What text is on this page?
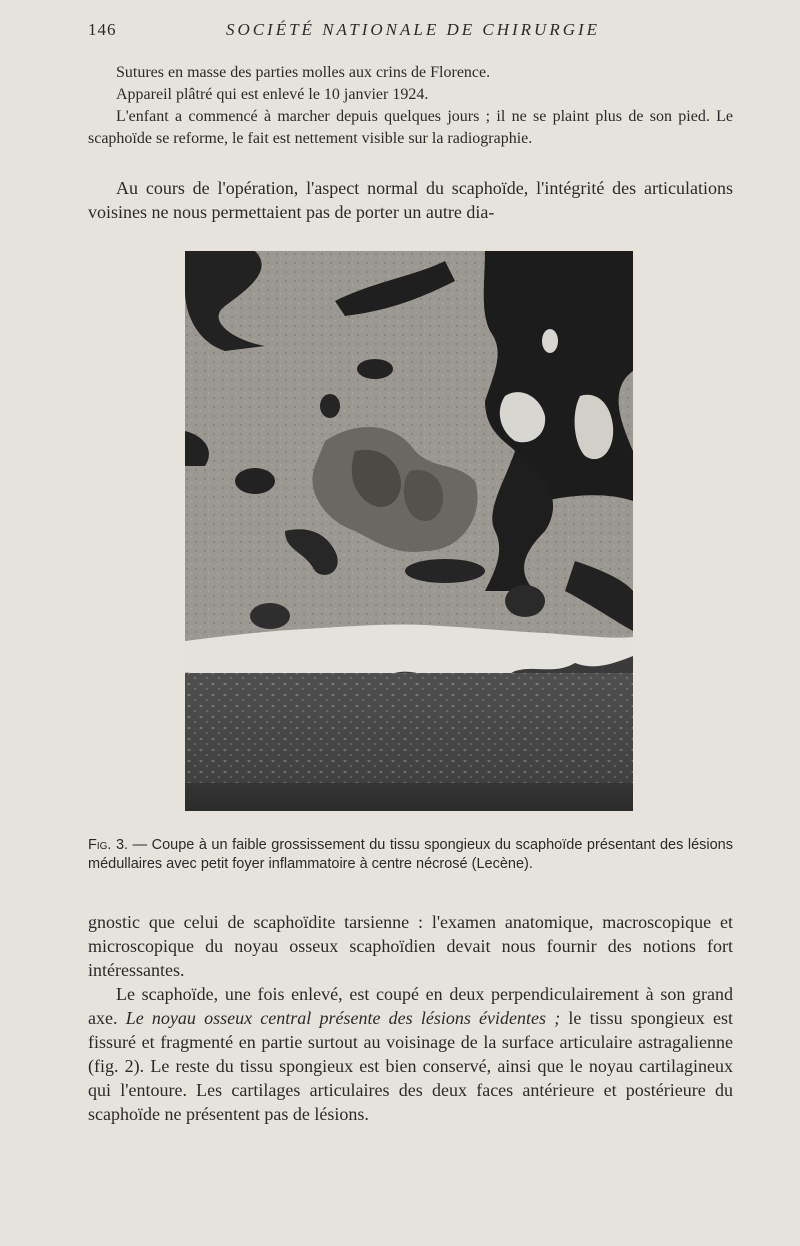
146	SOCIÉTÉ NATIONALE DE CHIRURGIE

Sutures en masse des parties molles aux crins de Florence.

Appareil plâtré qui est enlevé le 10 janvier 1924.

L'enfant a commencé à marcher depuis quelques jours ; il ne se plaint plus de son pied. Le scaphoïde se reforme, le fait est nettement visible sur la radiographie.

Au cours de l'opération, l'aspect normal du scaphoïde, l'intégrité des articulations voisines ne nous permettaient pas de porter un autre dia-

Fig. 3. — Coupe à un faible grossissement du tissu spongieux du scaphoïde présentant des lésions médullaires avec petit foyer inflammatoire à centre nécrosé (Lecène).

gnostic que celui de scaphoïdite tarsienne : l'examen anatomique, macroscopique et microscopique du noyau osseux scaphoïdien devait nous fournir des notions fort intéressantes.

Le scaphoïde, une fois enlevé, est coupé en deux perpendiculairement à son grand axe. Le noyau osseux central présente des lésions évidentes ; le tissu spongieux est fissuré et fragmenté en partie surtout au voisinage de la surface articulaire astragalienne (fig. 2). Le reste du tissu spongieux est bien conservé, ainsi que le noyau cartilagineux qui l'entoure. Les cartilages articulaires des deux faces antérieure et postérieure du scaphoïde ne présentent pas de lésions.
